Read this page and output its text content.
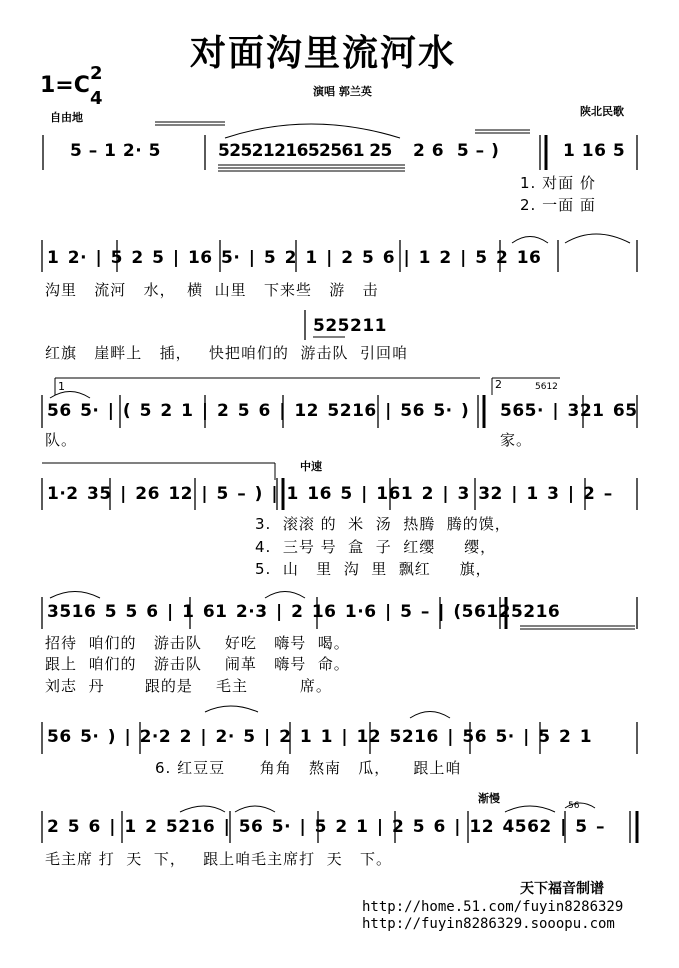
对面沟里流河水
1=C 2
4
自由地
演唱 郭兰英
陕北民歌
5 – 1 2· 5	5252121652561 25 2 6  5 – )	1 16 5
1. 对面 价
2. 一面 面
1 2· | 5 2 5 | 16 5· | 5 2 1 | 2 5 6 | 1 2 | 5 2 16
沟里   流河   水，  横  山里   下来些   游   击
525211
红旗   崖畔上   插，   快把咱们的  游击队  引回咱
1	2	5612
56 5· | ( 5 2 1 | 2 5 6 | 12 5216 | 56 5· ) 565· | 321 65
队。	家。
中速
1·2 35 | 26 12 | 5 – ) | 1 16 5 | 161 2 | 3 32 | 1 3 | 2 –
3.  滚滚 的  米  汤  热腾  腾的馍，
4.  三号 号  盒  子  红缨     缨，
5.  山   里  沟  里  飘红     旗，
3516 5 5 6 | 1 61 2·3 | 2 16 1·6 | 5 – | (56125216
招待  咱们的   游击队    好吃   嗨号  喝。
跟上  咱们的   游击队    闹革   嗨号  命。
刘志  丹       跟的是    毛主         席。
56 5· ) | 2·2 2 | 2· 5 | 2 1 1 | 12 5216 | 56 5· | 5 2 1
6. 红豆豆      角角   熬南   瓜，    跟上咱
渐慢
56
2 5 6 | 1 2 5216 | 56 5· | 5 2 1 | 2 5 6 | 12 4562 | 5 –
毛主席 打  天  下，   跟上咱毛主席打  天   下。
天下福音制谱
http://home.51.com/fuyin8286329
http://fuyin8286329.sooopu.com
